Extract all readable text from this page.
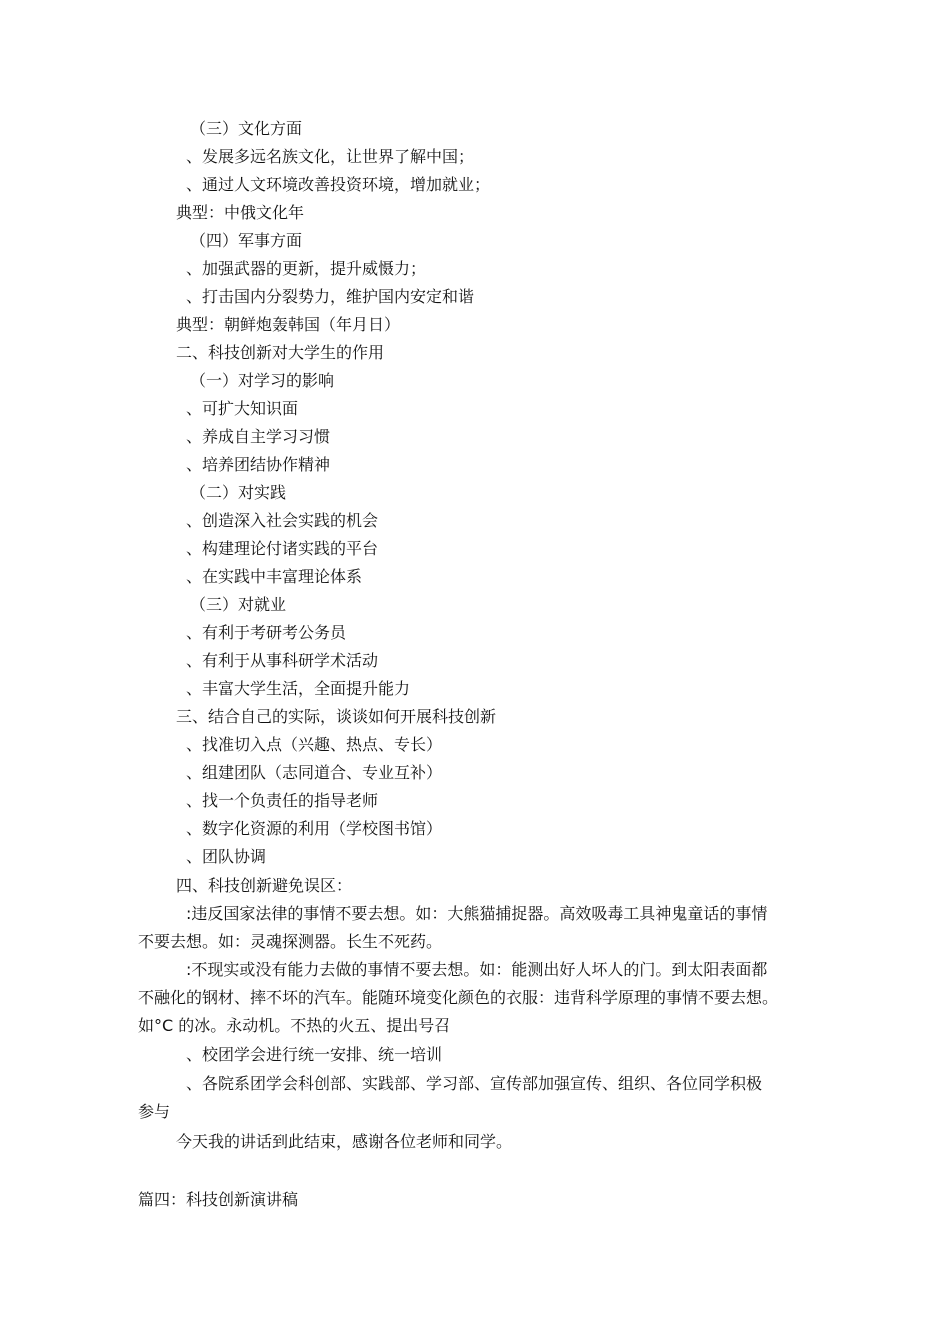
（三）文化方面
、发展多远名族文化，让世界了解中国；
、通过人文环境改善投资环境，增加就业；
典型：中俄文化年
（四）军事方面
、加强武器的更新，提升威慑力；
、打击国内分裂势力，维护国内安定和谐
典型：朝鲜炮轰韩国（年月日）
二、科技创新对大学生的作用
（一）对学习的影响
、可扩大知识面
、养成自主学习习惯
、培养团结协作精神
（二）对实践
、创造深入社会实践的机会
、构建理论付诸实践的平台
、在实践中丰富理论体系
（三）对就业
、有利于考研考公务员
、有利于从事科研学术活动
、丰富大学生活，全面提升能力
三、结合自己的实际，谈谈如何开展科技创新
、找准切入点（兴趣、热点、专长）
、组建团队（志同道合、专业互补）
、找一个负责任的指导老师
、数字化资源的利用（学校图书馆）
、团队协调
四、科技创新避免误区：
:违反国家法律的事情不要去想。如：大熊猫捕捉器。高效吸毒工具神鬼童话的事情
不要去想。如：灵魂探测器。长生不死药。
:不现实或没有能力去做的事情不要去想。如：能测出好人坏人的门。到太阳表面都
不融化的钢材、摔不坏的汽车。能随环境变化颜色的衣服：违背科学原理的事情不要去想。
如°C 的冰。永动机。不热的火五、提出号召
、校团学会进行统一安排、统一培训
、各院系团学会科创部、实践部、学习部、宣传部加强宣传、组织、各位同学积极
参与
今天我的讲话到此结束，感谢各位老师和同学。
篇四：科技创新演讲稿
